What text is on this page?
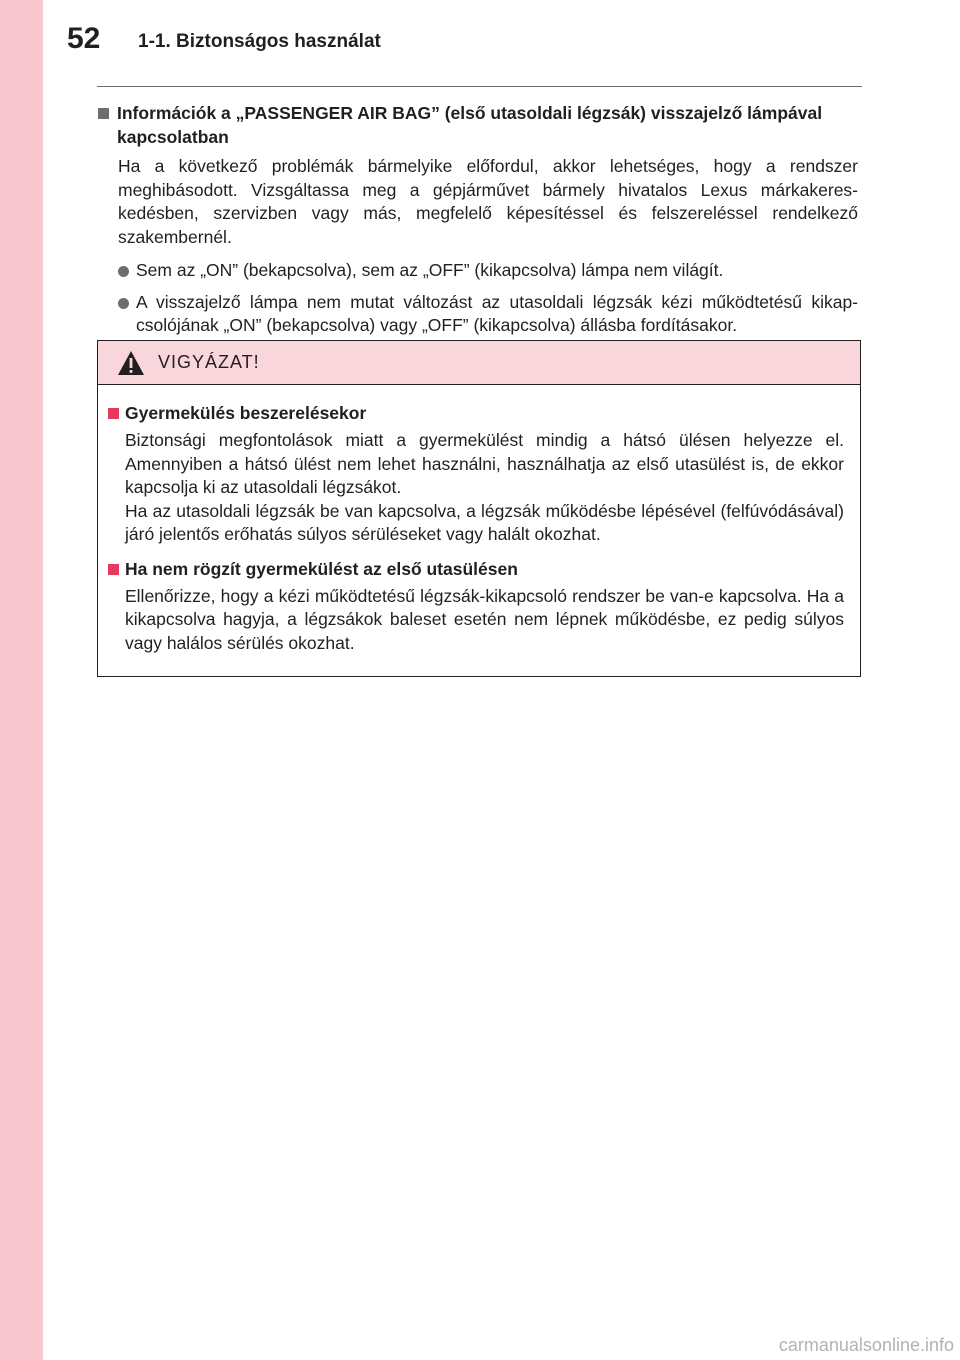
52 1-1. Biztonságos használat
Információk a „PASSENGER AIR BAG” (első utasoldali légzsák) visszajelző lámpával kapcsolatban
Ha a következő problémák bármelyike előfordul, akkor lehetséges, hogy a rendszer meghibásodott. Vizsgáltassa meg a gépjárművet bármely hivatalos Lexus márkakereskedésben, szervizben vagy más, megfelelő képesítéssel és felszereléssel rendelkező szakembernél.
Sem az „ON” (bekapcsolva), sem az „OFF” (kikapcsolva) lámpa nem világít.
A visszajelző lámpa nem mutat változást az utasoldali légzsák kézi működtetésű kikapcsolójának „ON” (bekapcsolva) vagy „OFF” (kikapcsolva) állásba fordításakor.
VIGYÁZAT!
Gyermekülés beszerelésekor
Biztonsági megfontolások miatt a gyermekülést mindig a hátsó ülésen helyezze el. Amennyiben a hátsó ülést nem lehet használni, használhatja az első utasülést is, de ekkor kapcsolja ki az utasoldali légzsákot.
Ha az utasoldali légzsák be van kapcsolva, a légzsák működésbe lépésével (felfúvódásával) járó jelentős erőhatás súlyos sérüléseket vagy halált okozhat.
Ha nem rögzít gyermekülést az első utasülésen
Ellenőrizze, hogy a kézi működtetésű légzsák-kikapcsoló rendszer be van-e kapcsolva. Ha a kikapcsolva hagyja, a légzsákok baleset esetén nem lépnek működésbe, ez pedig súlyos vagy halálos sérülés okozhat.
carmanualsonline.info
